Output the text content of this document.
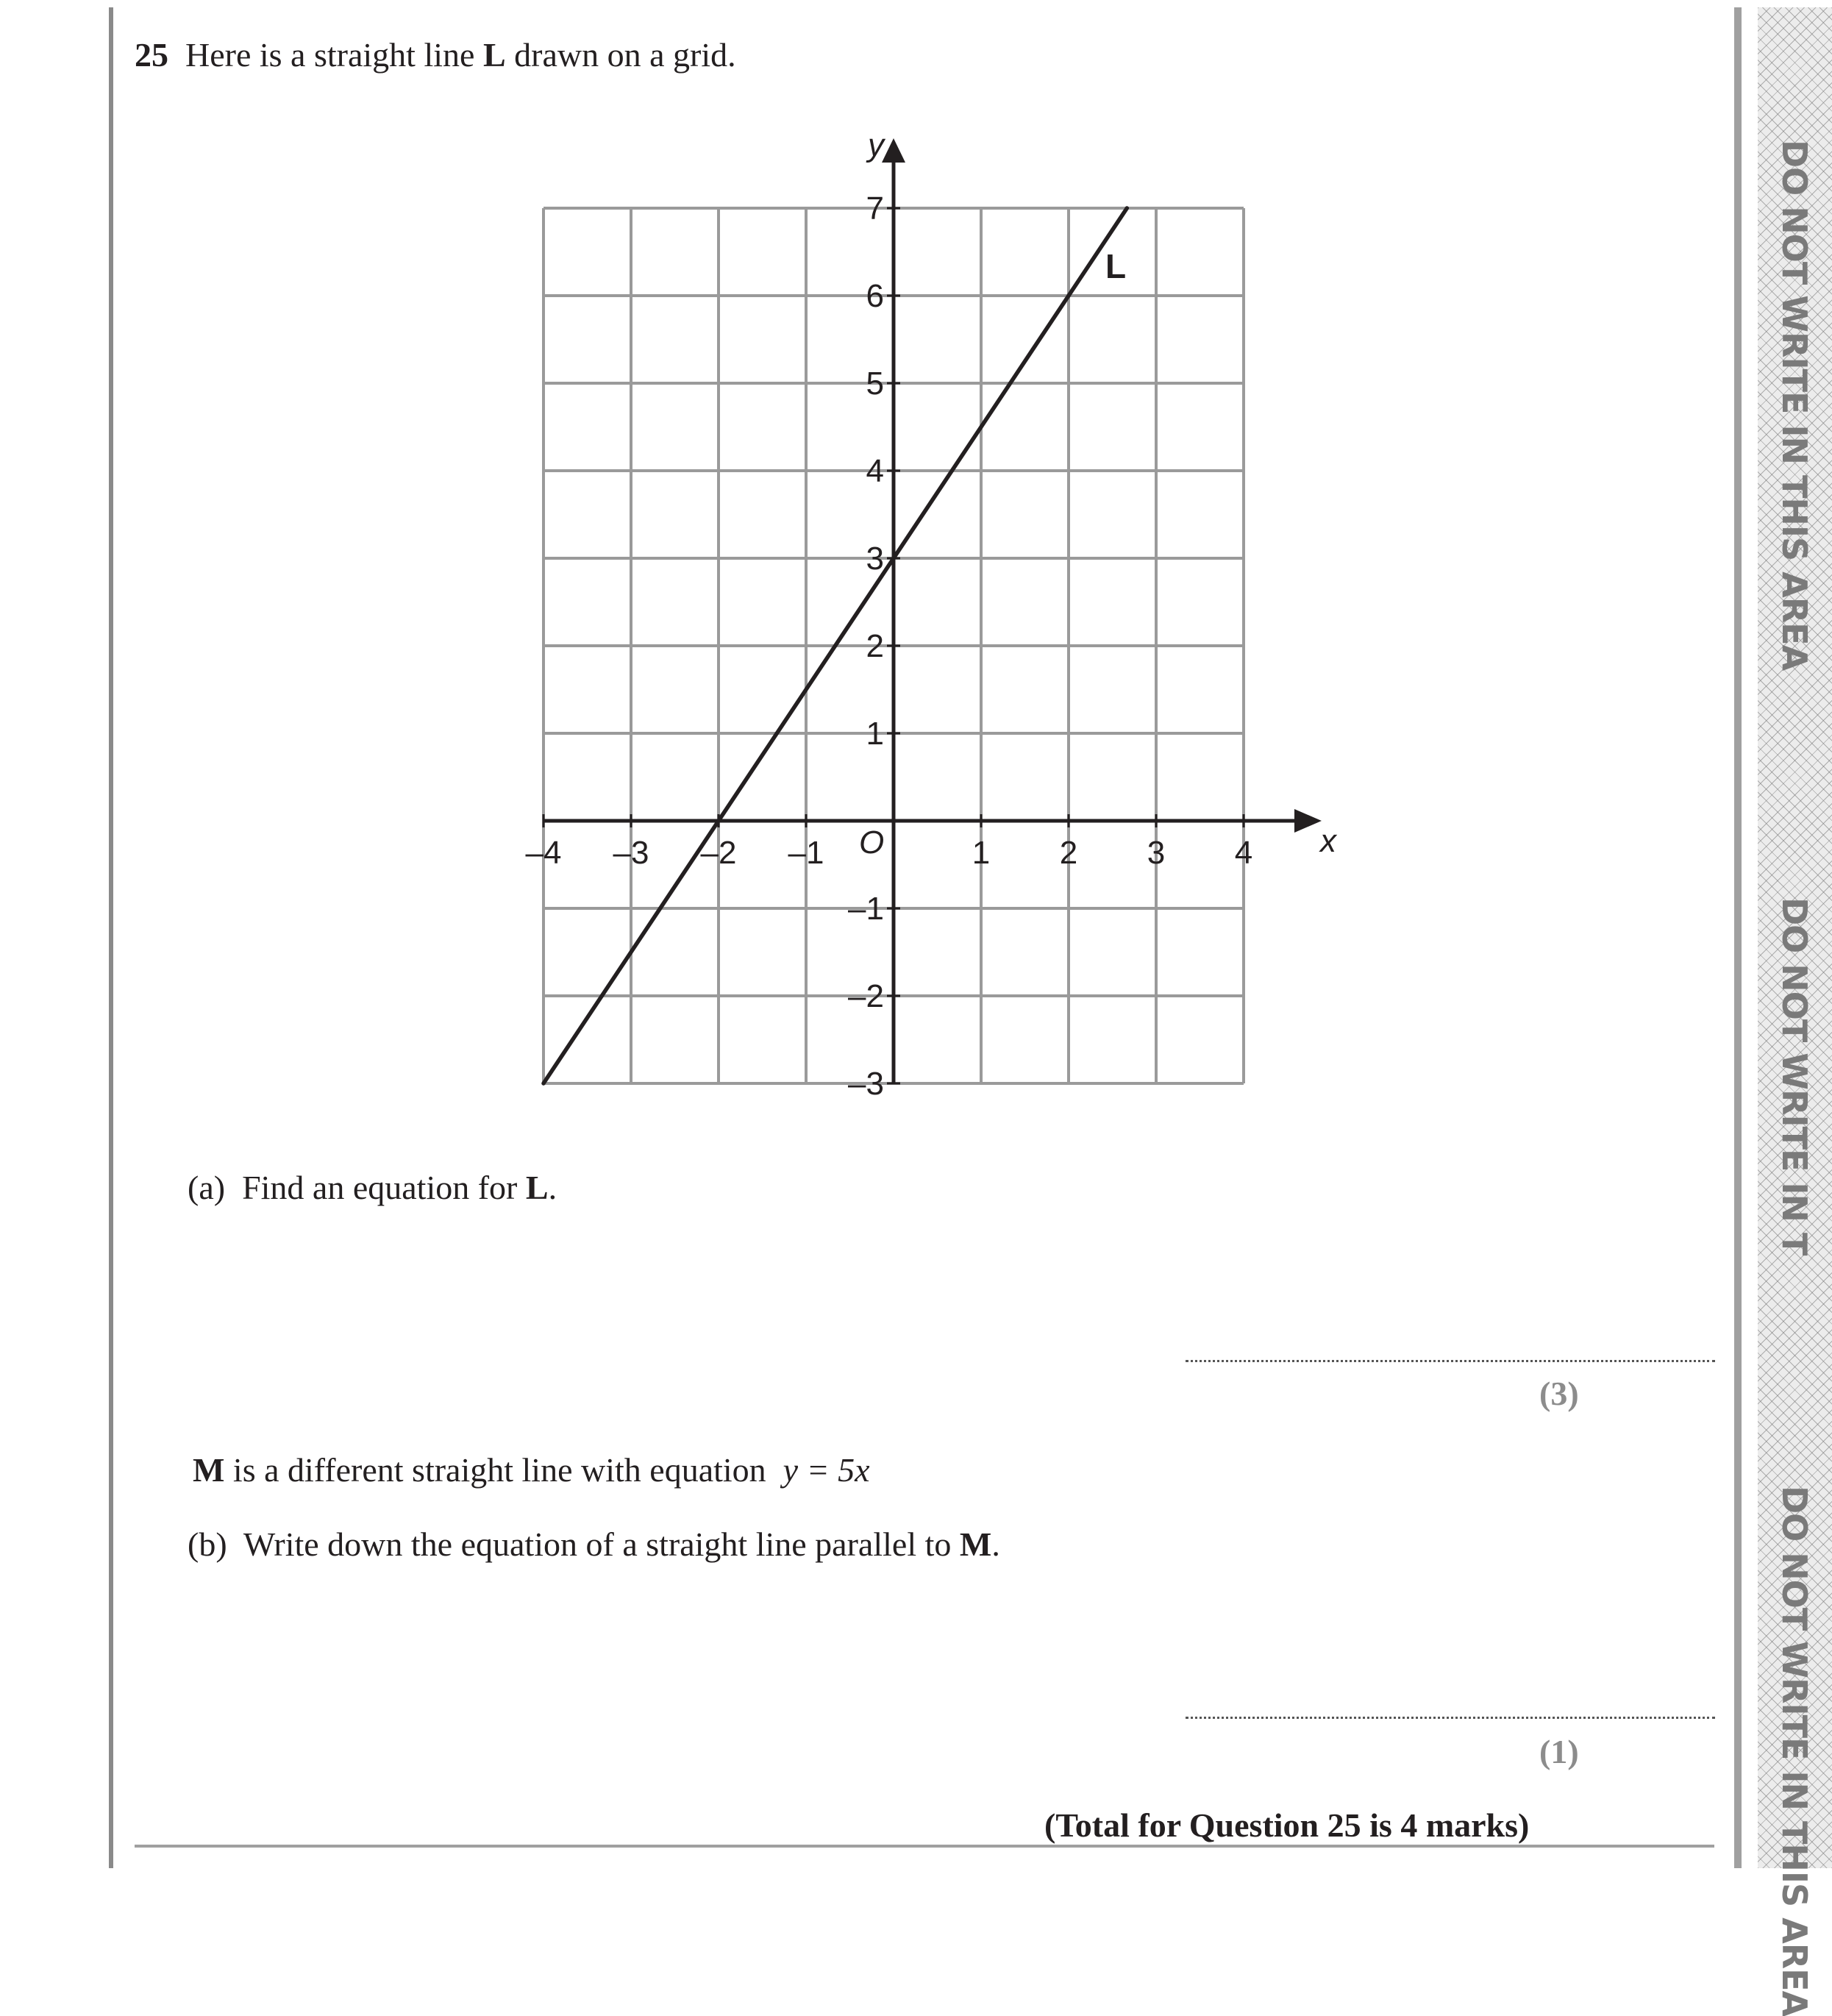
DO NOT WRITE IN THIS AREA
DO NOT WRITE IN T
DO NOT WRITE IN THIS AREA
25 Here is a straight line L drawn on a grid.
–4 –3 –2 –1	1 2 3 4
–3
–2
–1
1
2
3
4
5
6
7
x
y
O
L
(a) Find an equation for L.
(3)
M is a different straight line with equation y = 5x
(b) Write down the equation of a straight line parallel to M.
(1)
(Total for Question 25 is 4 marks)
